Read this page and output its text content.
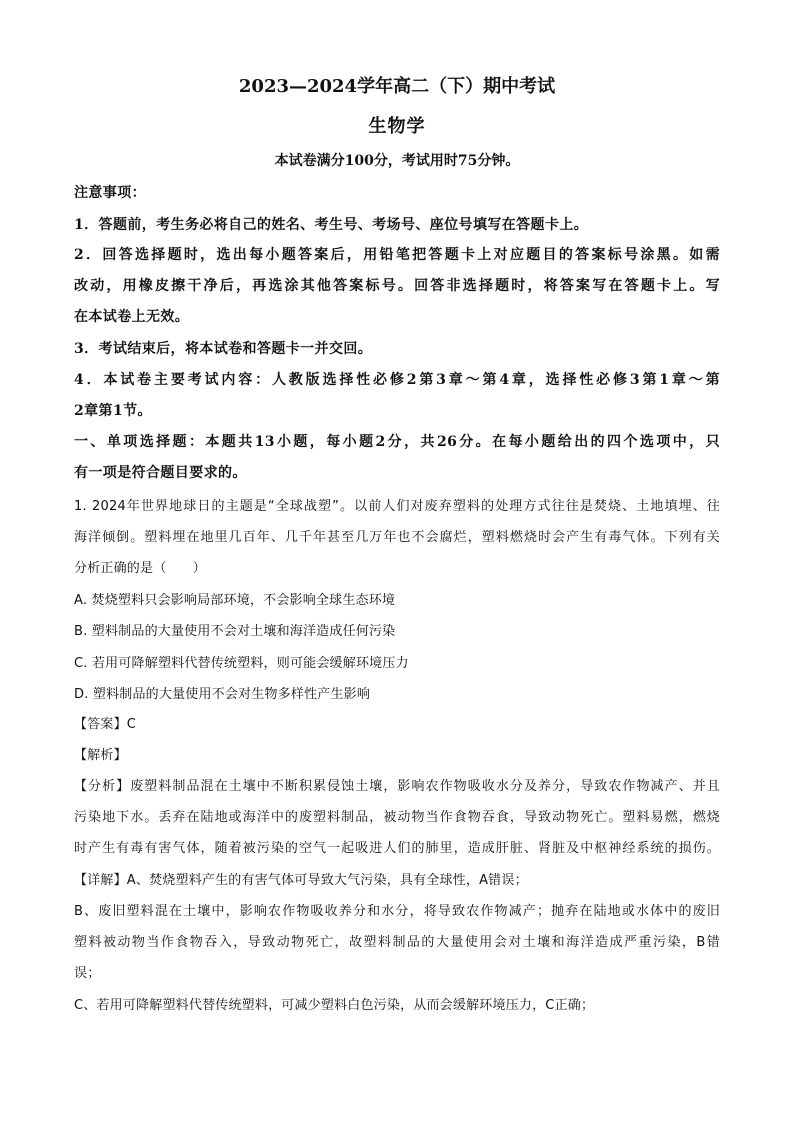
2023—2024学年高二（下）期中考试
生物学
本试卷满分100分，考试用时75分钟。
注意事项：
1．答题前，考生务必将自己的姓名、考生号、考场号、座位号填写在答题卡上。
2．回答选择题时，选出每小题答案后，用铅笔把答题卡上对应题目的答案标号涂黑。如需
改动，用橡皮擦干净后，再选涂其他答案标号。回答非选择题时，将答案写在答题卡上。写
在本试卷上无效。
3．考试结束后，将本试卷和答题卡一并交回。
4．本试卷主要考试内容：人教版选择性必修2第3章～第4章，选择性必修3第1章～第
2章第1节。
一、单项选择题：本题共13小题，每小题2分，共26分。在每小题给出的四个选项中，只
有一项是符合题目要求的。
1. 2024年世界地球日的主题是“全球战塑”。以前人们对废弃塑料的处理方式往往是焚烧、土地填埋、往
海洋倾倒。塑料埋在地里几百年、几千年甚至几万年也不会腐烂，塑料燃烧时会产生有毒气体。下列有关
分析正确的是（　　）
A. 焚烧塑料只会影响局部环境，不会影响全球生态环境
B. 塑料制品的大量使用不会对土壤和海洋造成任何污染
C. 若用可降解塑料代替传统塑料，则可能会缓解环境压力
D. 塑料制品的大量使用不会对生物多样性产生影响
【答案】C
【解析】
【分析】废塑料制品混在土壤中不断积累侵蚀土壤，影响农作物吸收水分及养分，导致农作物减产、并且
污染地下水。丢弃在陆地或海洋中的废塑料制品，被动物当作食物吞食，导致动物死亡。塑料易燃，燃烧
时产生有毒有害气体，随着被污染的空气一起吸进人们的肺里，造成肝脏、肾脏及中枢神经系统的损伤。
【详解】A、焚烧塑料产生的有害气体可导致大气污染，具有全球性，A错误；
B、废旧塑料混在土壤中，影响农作物吸收养分和水分，将导致农作物减产；抛弃在陆地或水体中的废旧
塑料被动物当作食物吞入，导致动物死亡，故塑料制品的大量使用会对土壤和海洋造成严重污染，B错
误；
C、若用可降解塑料代替传统塑料，可减少塑料白色污染，从而会缓解环境压力，C正确；
